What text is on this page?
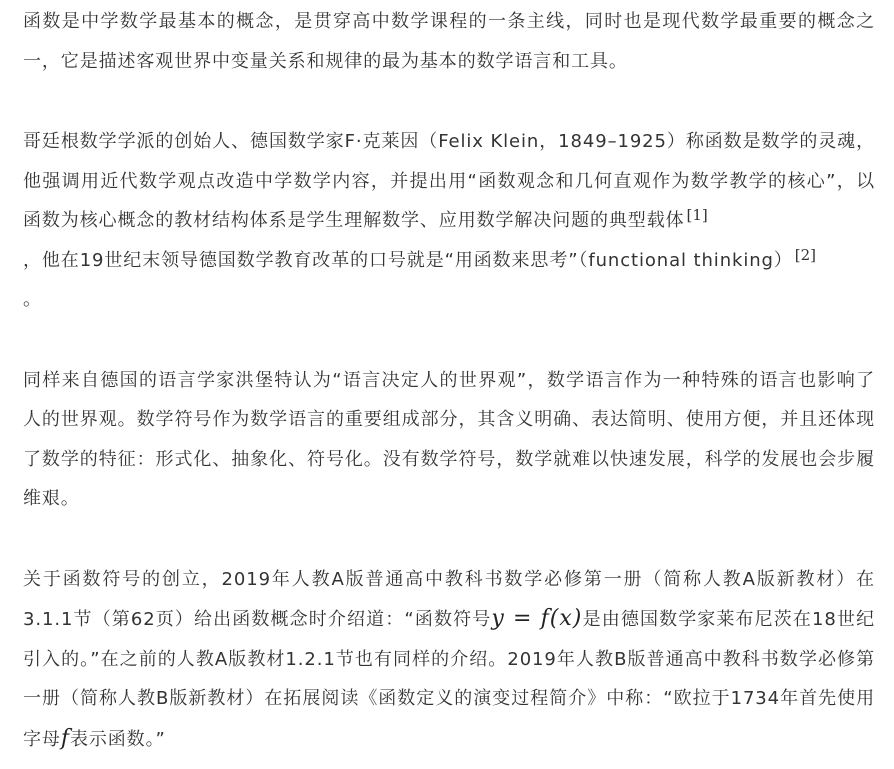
函数是中学数学最基本的概念，是贯穿高中数学课程的一条主线，同时也是现代数学最重要的概念之一，它是描述客观世界中变量关系和规律的最为基本的数学语言和工具。

哥廷根数学学派的创始人、德国数学家F·克莱因（Felix Klein，1849–1925）称函数是数学的灵魂，他强调用近代数学观点改造中学数学内容，并提出用“函数观念和几何直观作为数学教学的核心”，以函数为核心概念的教材结构体系是学生理解数学、应用数学解决问题的典型载体 [1]
，他在19世纪末领导德国数学教育改革的口号就是“用函数来思考”（functional thinking） [2]
。

同样来自德国的语言学家洪堡特认为“语言决定人的世界观”，数学语言作为一种特殊的语言也影响了人的世界观。数学符号作为数学语言的重要组成部分，其含义明确、表达简明、使用方便，并且还体现了数学的特征：形式化、抽象化、符号化。没有数学符号，数学就难以快速发展，科学的发展也会步履维艰。

关于函数符号的创立，2019年人教A版普通高中教科书数学必修第一册（简称人教A版新教材）在3.1.1节（第62页）给出函数概念时介绍道：“函数符号y = f(x)是由德国数学家莱布尼茨在18世纪引入的。”在之前的人教A版教材1.2.1节也有同样的介绍。2019年人教B版普通高中教科书数学必修第一册（简称人教B版新教材）在拓展阅读《函数定义的演变过程简介》中称：“欧拉于1734年首先使用字母f表示函数。”
